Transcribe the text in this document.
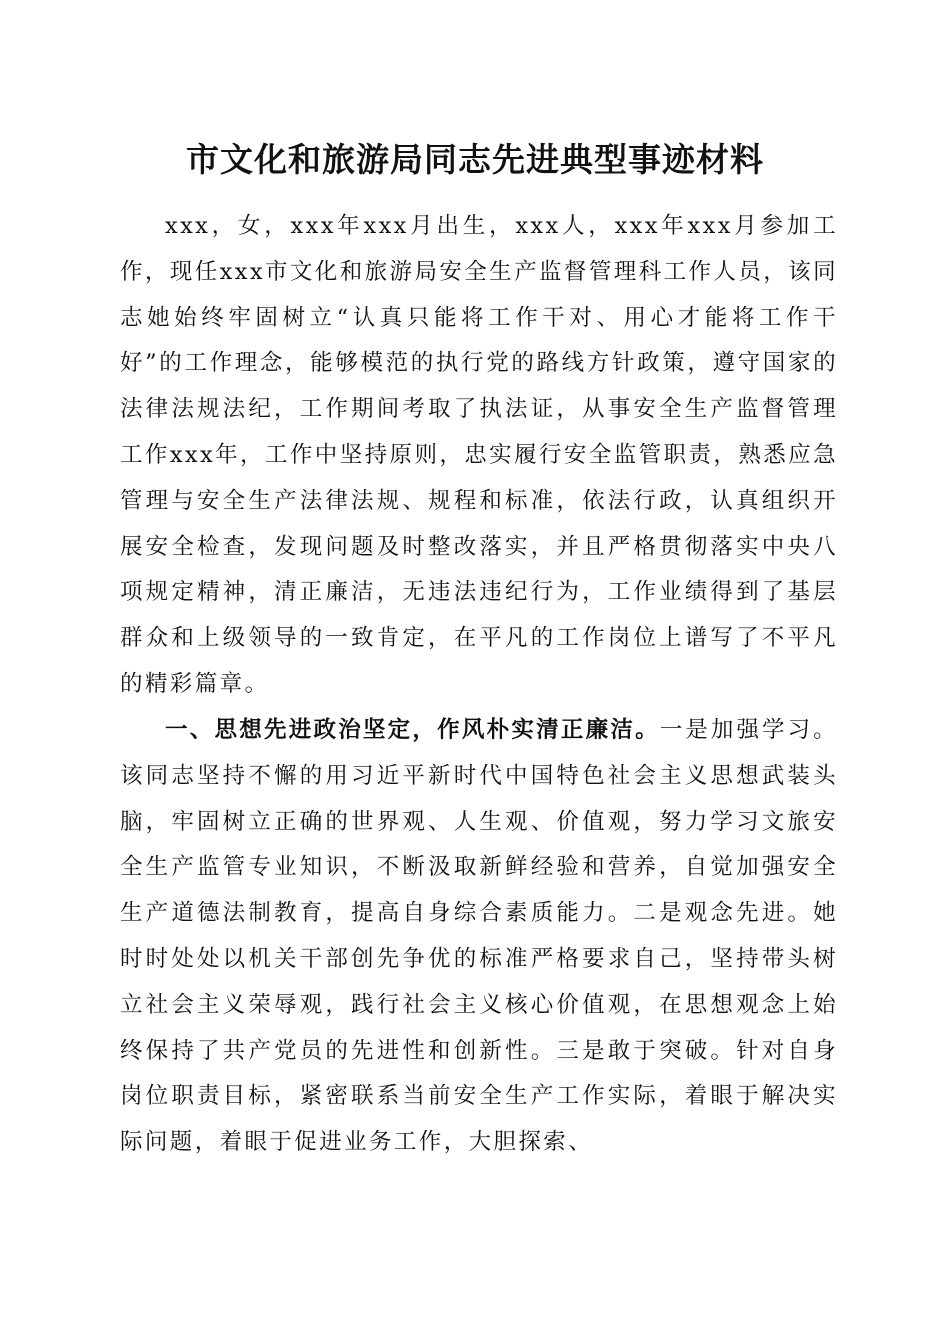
市文化和旅游局同志先进典型事迹材料

xxx，女，xxx年xxx月出生，xxx人，xxx年xxx月参加工作，现任xxx市文化和旅游局安全生产监督管理科工作人员，该同志她始终牢固树立“认真只能将工作干对、用心才能将工作干好”的工作理念，能够模范的执行党的路线方针政策，遵守国家的法律法规法纪，工作期间考取了执法证，从事安全生产监督管理工作xxx年，工作中坚持原则，忠实履行安全监管职责，熟悉应急管理与安全生产法律法规、规程和标准，依法行政，认真组织开展安全检查，发现问题及时整改落实，并且严格贯彻落实中央八项规定精神，清正廉洁，无违法违纪行为，工作业绩得到了基层群众和上级领导的一致肯定，在平凡的工作岗位上谱写了不平凡的精彩篇章。

一、思想先进政治坚定，作风朴实清正廉洁。一是加强学习。该同志坚持不懈的用习近平新时代中国特色社会主义思想武装头脑，牢固树立正确的世界观、人生观、价值观，努力学习文旅安全生产监管专业知识，不断汲取新鲜经验和营养，自觉加强安全生产道德法制教育，提高自身综合素质能力。二是观念先进。她时时处处以机关干部创先争优的标准严格要求自己，坚持带头树立社会主义荣辱观，践行社会主义核心价值观，在思想观念上始终保持了共产党员的先进性和创新性。三是敢于突破。针对自身岗位职责目标，紧密联系当前安全生产工作实际，着眼于解决实际问题，着眼于促进业务工作，大胆探索、
